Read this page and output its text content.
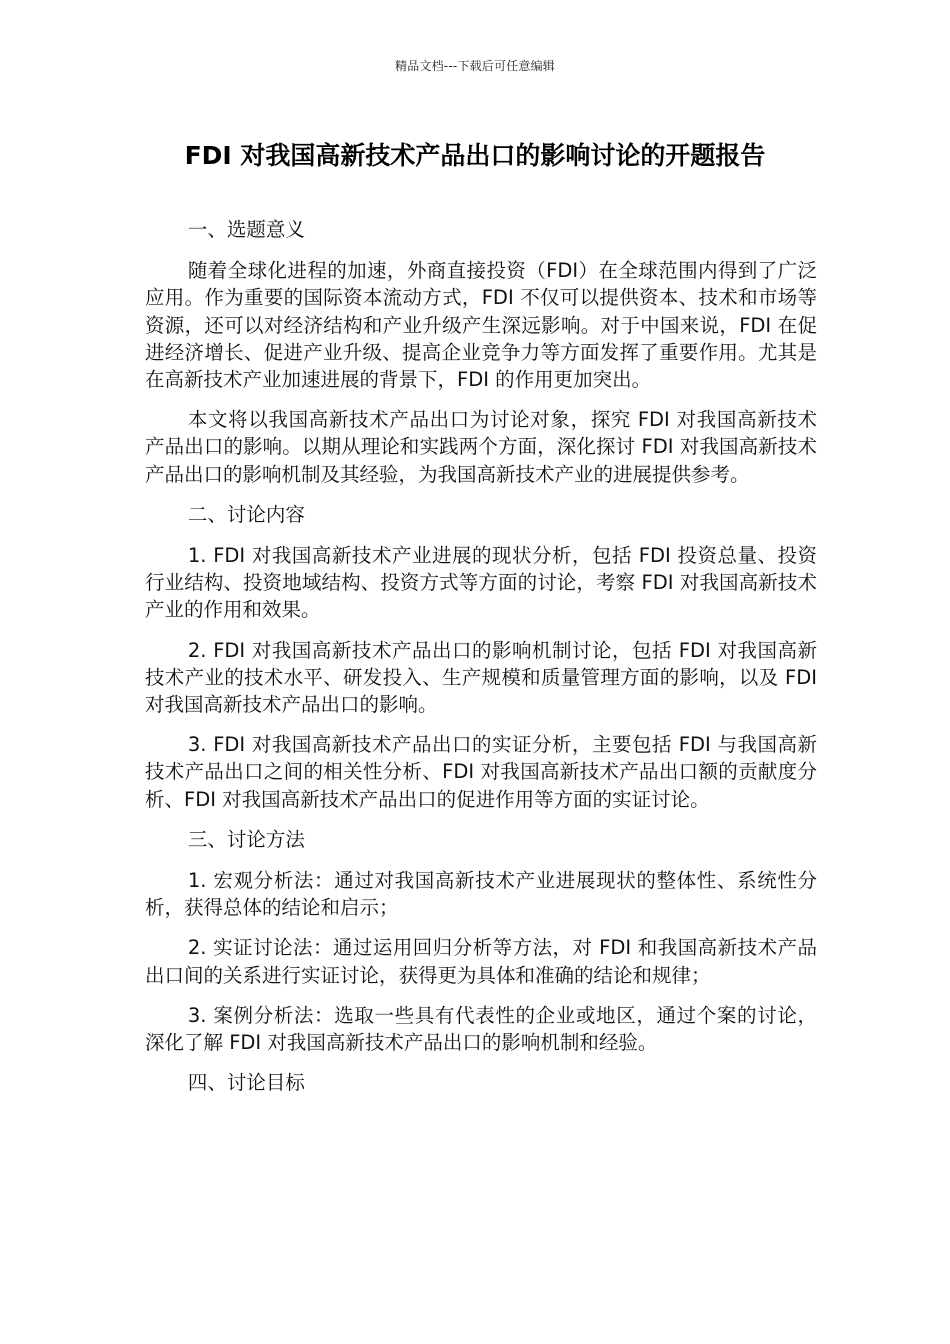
精品文档---下载后可任意编辑
FDI 对我国高新技术产品出口的影响讨论的开题报告
一、选题意义

随着全球化进程的加速，外商直接投资（FDI）在全球范围内得到了广泛应用。作为重要的国际资本流动方式，FDI 不仅可以提供资本、技术和市场等资源，还可以对经济结构和产业升级产生深远影响。对于中国来说，FDI 在促进经济增长、促进产业升级、提高企业竞争力等方面发挥了重要作用。尤其是在高新技术产业加速进展的背景下，FDI 的作用更加突出。

本文将以我国高新技术产品出口为讨论对象，探究 FDI 对我国高新技术产品出口的影响。以期从理论和实践两个方面，深化探讨 FDI 对我国高新技术产品出口的影响机制及其经验，为我国高新技术产业的进展提供参考。

二、讨论内容

1. FDI 对我国高新技术产业进展的现状分析，包括 FDI 投资总量、投资行业结构、投资地域结构、投资方式等方面的讨论，考察 FDI 对我国高新技术产业的作用和效果。

2. FDI 对我国高新技术产品出口的影响机制讨论，包括 FDI 对我国高新技术产业的技术水平、研发投入、生产规模和质量管理方面的影响，以及 FDI 对我国高新技术产品出口的影响。

3. FDI 对我国高新技术产品出口的实证分析，主要包括 FDI 与我国高新技术产品出口之间的相关性分析、FDI 对我国高新技术产品出口额的贡献度分析、FDI 对我国高新技术产品出口的促进作用等方面的实证讨论。

三、讨论方法

1. 宏观分析法：通过对我国高新技术产业进展现状的整体性、系统性分析，获得总体的结论和启示；

2. 实证讨论法：通过运用回归分析等方法，对 FDI 和我国高新技术产品出口间的关系进行实证讨论，获得更为具体和准确的结论和规律；

3. 案例分析法：选取一些具有代表性的企业或地区，通过个案的讨论，深化了解 FDI 对我国高新技术产品出口的影响机制和经验。

四、讨论目标
